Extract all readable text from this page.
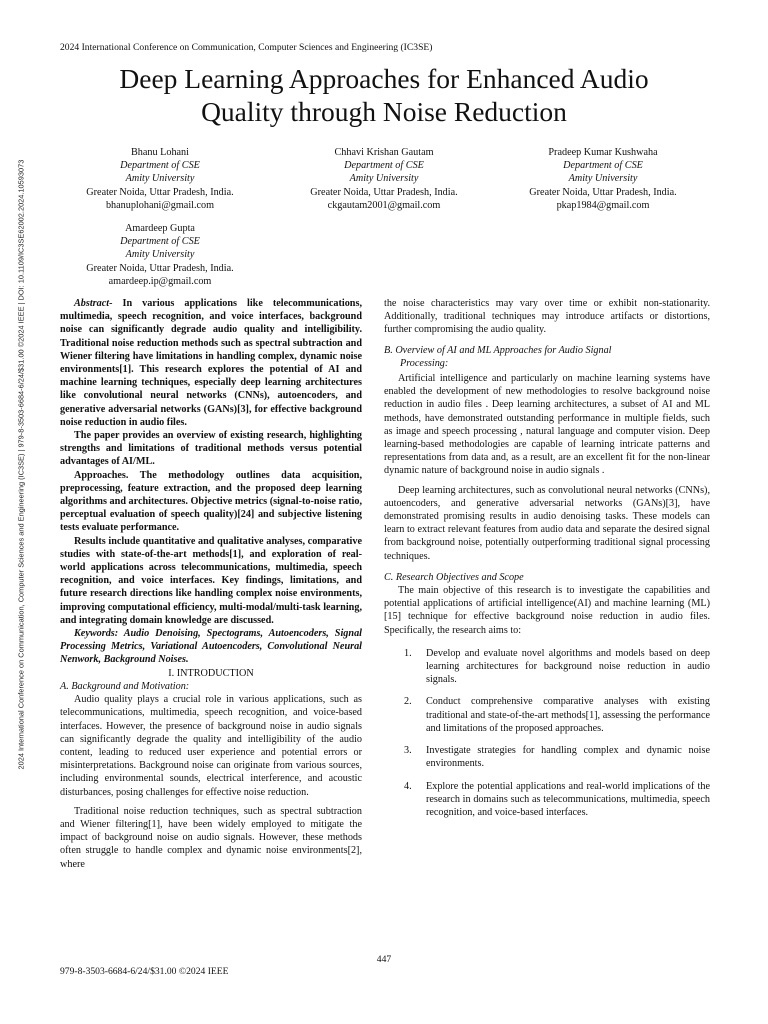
2024 International Conference on Communication, Computer Sciences and Engineering (IC3SE)
Deep Learning Approaches for Enhanced Audio
Quality through Noise Reduction
Bhanu Lohani
Department of CSE
Amity University
Greater Noida, Uttar Pradesh, India.
bhanuplohani@gmail.com
Chhavi Krishan Gautam
Department of CSE
Amity University
Greater Noida, Uttar Pradesh, India.
ckgautam2001@gmail.com
Pradeep Kumar Kushwaha
Department of CSE
Amity University
Greater Noida, Uttar Pradesh, India.
pkap1984@gmail.com
Amardeep Gupta
Department of CSE
Amity University
Greater Noida, Uttar Pradesh, India.
amardeep.ip@gmail.com

Abstract- In various applications like telecommunications, multimedia, speech recognition, and voice interfaces, background noise can significantly degrade audio quality and intelligibility. Traditional noise reduction methods such as spectral subtraction and Wiener filtering have limitations in handling complex, dynamic noise environments[1]. This research explores the potential of AI and machine learning techniques, especially deep learning architectures like convolutional neural networks (CNNs), autoencoders, and generative adversarial networks (GANs)[3], for effective background noise reduction in audio files.

The paper provides an overview of existing research, highlighting strengths and limitations of traditional methods versus potential advantages of AI/ML.

Approaches. The methodology outlines data acquisition, preprocessing, feature extraction, and the proposed deep learning algorithms and architectures. Objective metrics (signal-to-noise ratio, perceptual evaluation of speech quality)[24] and subjective listening tests evaluate performance.

Results include quantitative and qualitative analyses, comparative studies with state-of-the-art methods[1], and exploration of real-world applications across telecommunications, multimedia, speech recognition, and voice interfaces. Key findings, limitations, and future research directions like handling complex noise environments, improving computational efficiency, multi-modal/multi-task learning, and integrating domain knowledge are discussed.

Keywords: Audio Denoising, Spectograms, Autoencoders, Signal Processing Metrics, Variational Autoencoders, Convolutional Neural Nenwork, Background Noises.

I. INTRODUCTION

A. Background and Motivation:

Audio quality plays a crucial role in various applications, such as telecommunications, multimedia, speech recognition, and voice-based interfaces. However, the presence of background noise in audio signals can significantly degrade the quality and intelligibility of the audio content, leading to reduced user experience and potential errors or misinterpretations. Background noise can originate from various sources, including environmental sounds, electrical interference, and acoustic disturbances, posing challenges for effective noise reduction.

Traditional noise reduction techniques, such as spectral subtraction and Wiener filtering[1], have been widely employed to mitigate the impact of background noise on audio signals. However, these methods often struggle to handle complex and dynamic noise environments[2], where

the noise characteristics may vary over time or exhibit non-stationarity. Additionally, traditional techniques may introduce artifacts or distortions, further compromising the audio quality.

B. Overview of AI and ML Approaches for Audio Signal
Processing:

Artificial intelligence and particularly on machine learning systems have enabled the development of new methodologies to resolve background noise reduction in audio files . Deep learning architectures, a subset of AI and ML methods, have demonstrated outstanding performance in multiple fields, such as image and speech processing , natural language and computer vision. Deep learning-based methodologies are capable of learning intricate patterns and representations from data and, as a result, are an excellent fit for the non-linear dynamic nature of background noise in audio signals .

Deep learning architectures, such as convolutional neural networks (CNNs), autoencoders, and generative adversarial networks (GANs)[3], have demonstrated promising results in audio denoising tasks. These models can learn to extract relevant features from audio data and separate the desired signal from background noise, potentially outperforming traditional signal processing techniques.

C. Research Objectives and Scope

The main objective of this research is to investigate the capabilities and potential applications of artificial intelligence(AI) and machine learning (ML)[15] technique for effective background noise reduction in audio files. Specifically, the research aims to:

1.	Develop and evaluate novel algorithms and models based on deep learning architectures for background noise reduction in audio signals.
2.	Conduct comprehensive comparative analyses with existing traditional and state-of-the-art methods[1], assessing the performance and limitations of the proposed approaches.
3.	Investigate strategies for handling complex and dynamic noise environments.
4.	Explore the potential applications and real-world implications of the research in domains such as telecommunications, multimedia, speech recognition, and voice-based interfaces.
2024 International Conference on Communication, Computer Sciences and Engineering (IC3SE) | 979-8-3503-6684-6/24/$31.00 ©2024 IEEE | DOI: 10.1109/IC3SE62002.2024.10593073
447
979-8-3503-6684-6/24/$31.00 ©2024 IEEE
